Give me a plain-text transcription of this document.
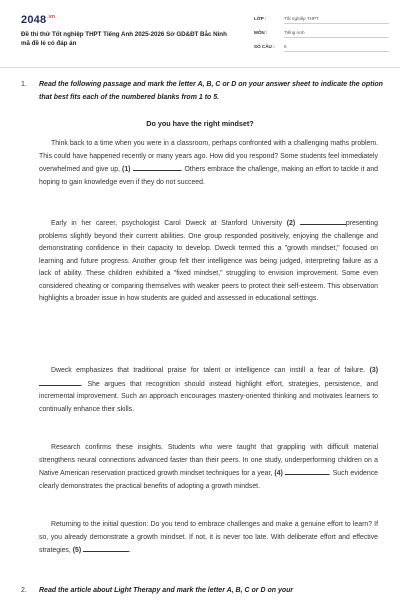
$2048^{.vn}$
Đề thi thử Tốt nghiệp THPT Tiếng Anh 2025-2026 Sở GD&ĐT Bắc Ninh mã đề lẻ có đáp án
LỚP :	Tốt nghiệp THPT
MÔN :	Tiếng Anh
SỐ CÂU : 6
1. Read the following passage and mark the letter A, B, C or D on your answer sheet to indicate the option that best fits each of the numbered blanks from 1 to 5.
Do you have the right mindset?
Think back to a time when you were in a classroom, perhaps confronted with a challenging maths problem. This could have happened recently or many years ago. How did you respond? Some students feel immediately overwhelmed and give up, (1)	. Others embrace the challenge, making an effort to tackle it and hoping to gain knowledge even if they do not succeed.
Early in her career, psychologist Carol Dweck at Stanford University (2)	presenting problems slightly beyond their current abilities. One group responded positively, enjoying the challenge and demonstrating confidence in their capacity to develop. Dweck termed this a "growth mindset," focused on learning and future progress. Another group felt their intelligence was being judged, interpreting failure as a lack of ability. These children exhibited a "fixed mindset," struggling to envision improvement. Some even considered cheating or comparing themselves with weaker peers to protect their self-esteem. This observation highlights a broader issue in how students are guided and assessed in educational settings.
Dweck emphasizes that traditional praise for talent or intelligence can instill a fear of failure. (3) . She argues that recognition should instead highlight effort, strategies, persistence, and incremental improvement. Such an approach encourages mastery-oriented thinking and motivates learners to continually enhance their skills.
Research confirms these insights. Students who were taught that grappling with difficult material strengthens neural connections advanced faster than their peers. In one study, underperforming children on a Native American reservation practiced growth mindset techniques for a year, (4)	. Such evidence clearly demonstrates the practical benefits of adopting a growth mindset.
Returning to the initial question: Do you tend to embrace challenges and make a genuine effort to learn? If so, you already demonstrate a growth mindset. If not, it is never too late. With deliberate effort and effective strategies, (5)	.
2. Read the article about Light Therapy and mark the letter A, B, C or D on your
